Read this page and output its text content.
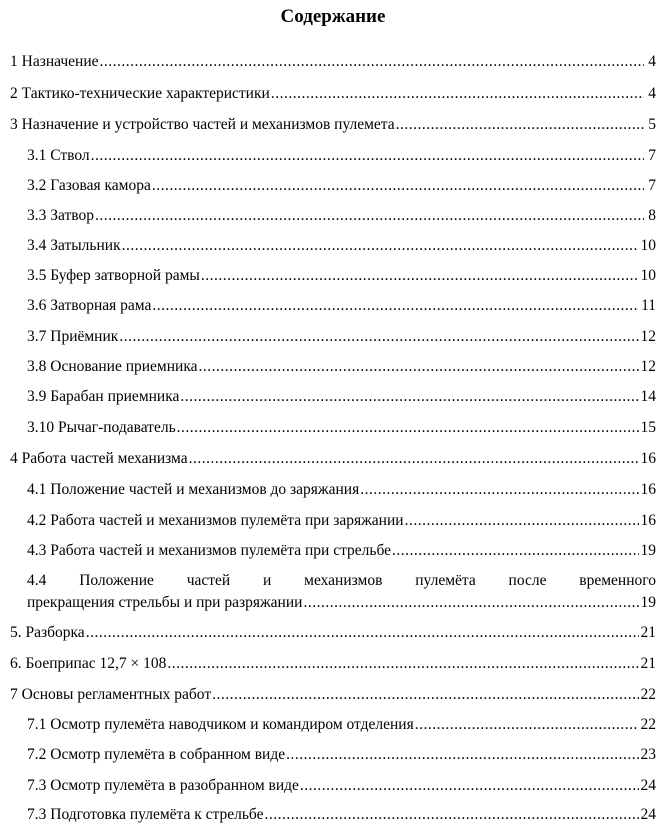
Содержание
1 Назначение .....	4
2 Тактико-технические характеристики .....	4
3 Назначение и устройство частей и механизмов пулемета .....	5
3.1 Ствол .....	7
3.2 Газовая камора .....	7
3.3 Затвор .....	8
3.4 Затыльник .....	10
3.5 Буфер затворной рамы .....	10
3.6 Затворная рама .....	11
3.7 Приёмник .....	12
3.8 Основание приемника .....	12
3.9 Барабан приемника .....	14
3.10 Рычаг-подаватель .....	15
4 Работа частей механизма .....	16
4.1 Положение частей и механизмов до заряжания .....	16
4.2 Работа частей и механизмов пулемёта при заряжании .....	16
4.3 Работа частей и механизмов пулемёта при стрельбе .....	19
4.4 Положение частей и механизмов пулемёта после временного
прекращения стрельбы и при разряжании .....	19
5. Разборка .....	21
6. Боеприпас 12,7 × 108 .....	21
7 Основы регламентных работ .....	22
7.1 Осмотр пулемёта наводчиком и командиром отделения .....	22
7.2 Осмотр пулемёта в собранном виде .....	23
7.3 Осмотр пулемёта в разобранном виде .....	24
7.3 Подготовка пулемёта к стрельбе .....	24
